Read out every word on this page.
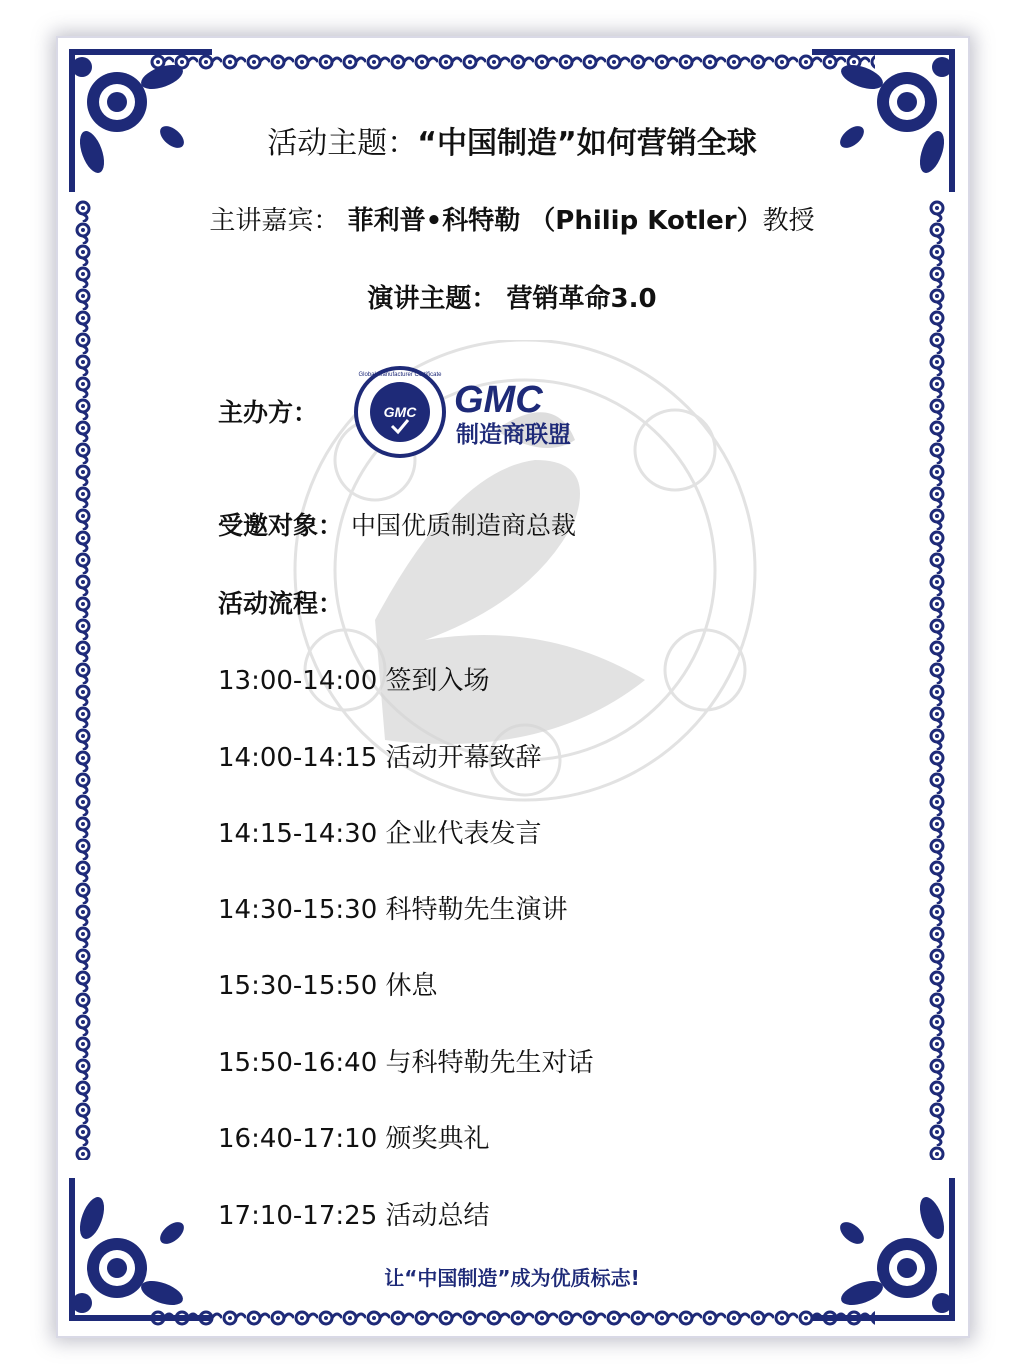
活动主题：“中国制造”如何营销全球
主讲嘉宾： 菲利普•科特勒 （Philip Kotler）教授
演讲主题： 营销革命3.0
主办方：
Global Manufacturer Certificate
GMC GMC
制造商联盟
受邀对象： 中国优质制造商总裁
活动流程：
13:00-14:00 签到入场
14:00-14:15 活动开幕致辞
14:15-14:30 企业代表发言
14:30-15:30 科特勒先生演讲
15:30-15:50 休息
15:50-16:40 与科特勒先生对话
16:40-17:10 颁奖典礼
17:10-17:25 活动总结
让“中国制造”成为优质标志!
